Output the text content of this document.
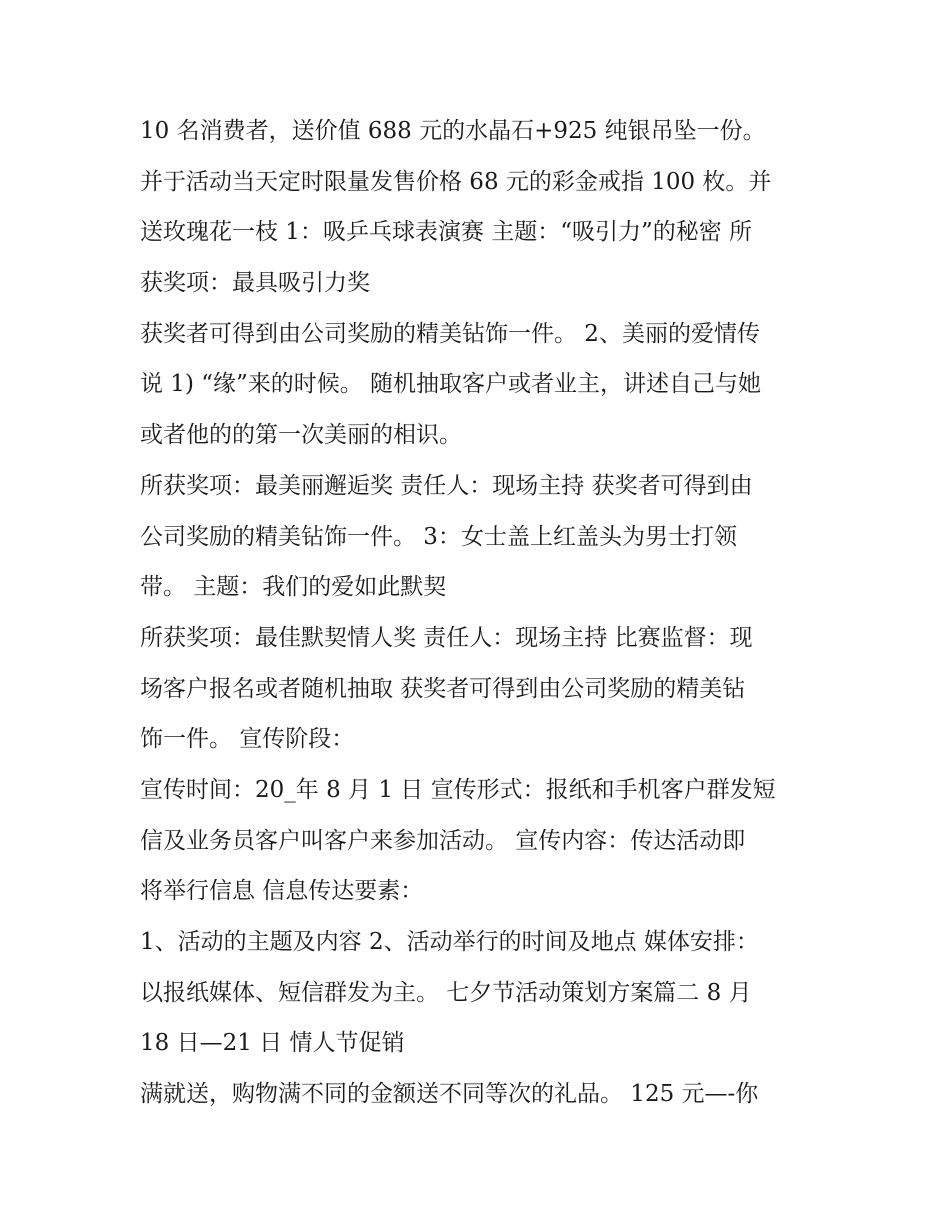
10 名消费者，送价值 688 元的水晶石+925 纯银吊坠一份。
并于活动当天定时限量发售价格 68 元的彩金戒指 100 枚。并
送玫瑰花一枝 1：吸乒乓球表演赛 主题：“吸引力”的秘密 所
获奖项：最具吸引力奖
获奖者可得到由公司奖励的精美钻饰一件。 2、美丽的爱情传
说 1) “缘”来的时候。 随机抽取客户或者业主，讲述自己与她
或者他的的第一次美丽的相识。
所获奖项：最美丽邂逅奖 责任人：现场主持 获奖者可得到由
公司奖励的精美钻饰一件。 3：女士盖上红盖头为男士打领
带。 主题：我们的爱如此默契
所获奖项：最佳默契情人奖 责任人：现场主持 比赛监督：现
场客户报名或者随机抽取 获奖者可得到由公司奖励的精美钻
饰一件。 宣传阶段：
宣传时间：20_年 8 月 1 日 宣传形式：报纸和手机客户群发短
信及业务员客户叫客户来参加活动。 宣传内容：传达活动即
将举行信息 信息传达要素：
1、活动的主题及内容 2、活动举行的时间及地点 媒体安排：
以报纸媒体、短信群发为主。 七夕节活动策划方案篇二 8 月
18 日—21 日 情人节促销
满就送，购物满不同的金额送不同等次的礼品。 125 元—-你
